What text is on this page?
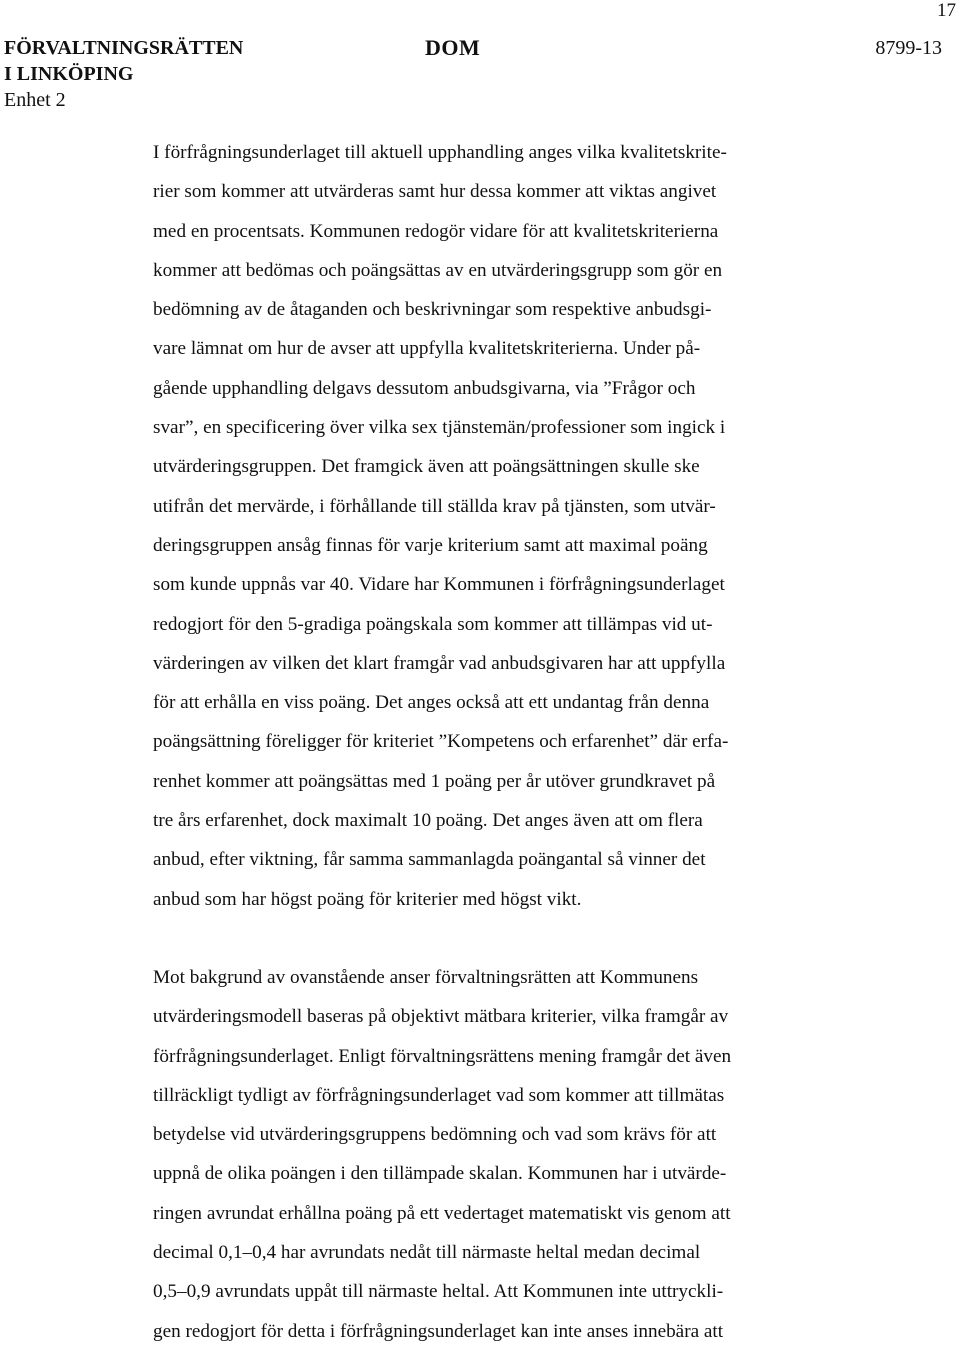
17
FÖRVALTNINGSRÄTTEN
I LINKÖPING
Enhet 2
DOM	8799-13
I förfrågningsunderlaget till aktuell upphandling anges vilka kvalitetskrite-
rier som kommer att utvärderas samt hur dessa kommer att viktas angivet
med en procentsats. Kommunen redogör vidare för att kvalitetskriterierna
kommer att bedömas och poängsättas av en utvärderingsgrupp som gör en
bedömning av de åtaganden och beskrivningar som respektive anbudsgi-
vare lämnat om hur de avser att uppfylla kvalitetskriterierna. Under på-
gående upphandling delgavs dessutom anbudsgivarna, via ”Frågor och
svar”, en specificering över vilka sex tjänstemän/professioner som ingick i
utvärderingsgruppen. Det framgick även att poängsättningen skulle ske
utifrån det mervärde, i förhållande till ställda krav på tjänsten, som utvär-
deringsgruppen ansåg finnas för varje kriterium samt att maximal poäng
som kunde uppnås var 40. Vidare har Kommunen i förfrågningsunderlaget
redogjort för den 5-gradiga poängskala som kommer att tillämpas vid ut-
värderingen av vilken det klart framgår vad anbudsgivaren har att uppfylla
för att erhålla en viss poäng. Det anges också att ett undantag från denna
poängsättning föreligger för kriteriet ”Kompetens och erfarenhet” där erfa-
renhet kommer att poängsättas med 1 poäng per år utöver grundkravet på
tre års erfarenhet, dock maximalt 10 poäng. Det anges även att om flera
anbud, efter viktning, får samma sammanlagda poängantal så vinner det
anbud som har högst poäng för kriterier med högst vikt.
Mot bakgrund av ovanstående anser förvaltningsrätten att Kommunens
utvärderingsmodell baseras på objektivt mätbara kriterier, vilka framgår av
förfrågningsunderlaget. Enligt förvaltningsrättens mening framgår det även
tillräckligt tydligt av förfrågningsunderlaget vad som kommer att tillmätas
betydelse vid utvärderingsgruppens bedömning och vad som krävs för att
uppnå de olika poängen i den tillämpade skalan. Kommunen har i utvärde-
ringen avrundat erhållna poäng på ett vedertaget matematiskt vis genom att
decimal 0,1–0,4 har avrundats nedåt till närmaste heltal medan decimal
0,5–0,9 avrundats uppåt till närmaste heltal. Att Kommunen inte uttryckli-
gen redogjort för detta i förfrågningsunderlaget kan inte anses innebära att
